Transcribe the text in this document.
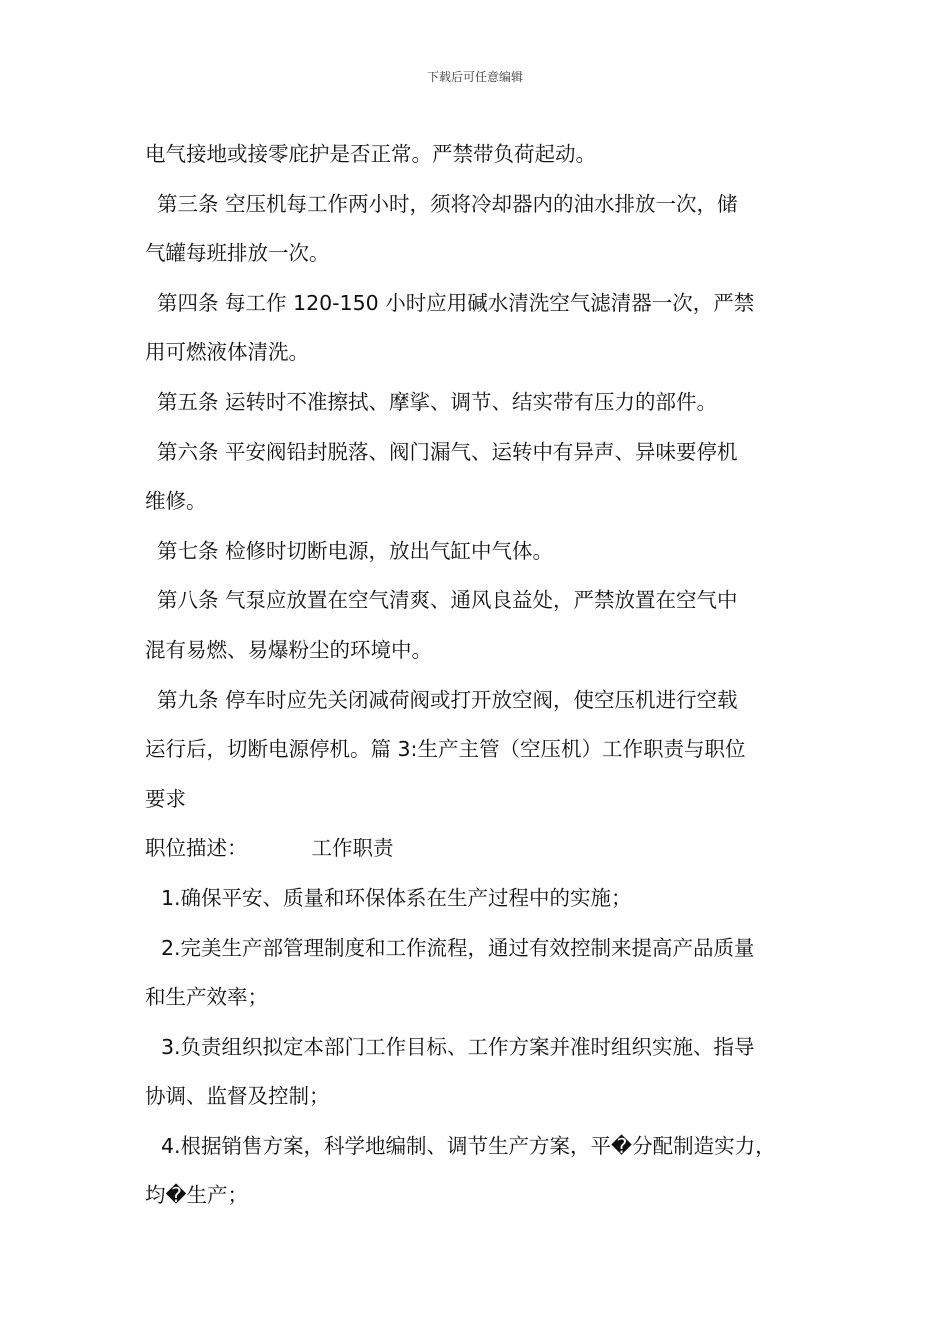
下载后可任意编辑
电气接地或接零庇护是否正常。严禁带负荷起动。
第三条 空压机每工作两小时，须将冷却器内的油水排放一次，储
气罐每班排放一次。
第四条 每工作 120-150 小时应用碱水清洗空气滤清器一次，严禁
用可燃液体清洗。
第五条 运转时不准擦拭、摩挲、调节、结实带有压力的部件。
第六条 平安阀铅封脱落、阀门漏气、运转中有异声、异味要停机
维修。
第七条 检修时切断电源，放出气缸中气体。
第八条 气泵应放置在空气清爽、通风良益处，严禁放置在空气中
混有易燃、易爆粉尘的环境中。
第九条 停车时应先关闭减荷阀或打开放空阀，使空压机进行空载
运行后，切断电源停机。篇 3:生产主管（空压机）工作职责与职位
要求
职位描述：	工作职责
1.确保平安、质量和环保体系在生产过程中的实施；
2.完美生产部管理制度和工作流程，通过有效控制来提高产品质量
和生产效率；
3.负责组织拟定本部门工作目标、工作方案并准时组织实施、指导
协调、监督及控制；
4.根据销售方案，科学地编制、调节生产方案，平�分配制造实力，
均�生产；
